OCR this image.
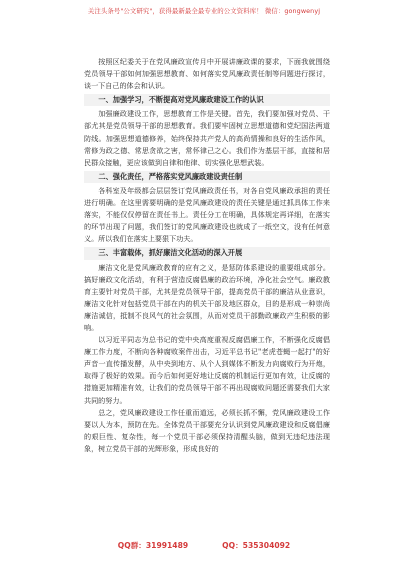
关注头条号"公文研究"，获得最新最全最专业的公文资料库！ 微信：gongwenyj

按照区纪委关于在党风廉政宣传月中开展讲廉政课的要求，下面我就围绕党员领导干部如何加强思想教育、如何落实党风廉政责任制等问题进行探讨，谈一下自己的体会和认识。

一、加强学习，不断提高对党风廉政建设工作的认识

加强廉政建设工作，思想教育工作是关键。首先，我们要加强对党员、干部尤其是党员领导干部的思想教育。我们要牢固树立思想道德和党纪国法两道防线。加强思想道德修养，始终保持共产党人的高尚情操和良好的生活作风，常修为政之德、常思贪欲之害，常怀律己之心。我们作为基层干部，直接和居民群众接触，更应该做到自律和他律、切实强化思想武装。

二、强化责任，严格落实党风廉政建设责任制

各科室及年级都会层层签订党风廉政责任书，对各自党风廉政承担的责任进行明确。在这里需要明确的是党风廉政建设的责任关键是通过抓具体工作来落实，不能仅仅停留在责任书上。责任分工在明确，具体规定再详细，在落实的环节出现了问题，我们签订的党风廉政建设也就成了一纸空文，没有任何意义。所以我们在落实上要狠下功夫。

三、丰富载体，抓好廉洁文化活动的深入开展

廉洁文化是党风廉政教育的应有之义，是惩防体系建设的重要组成部分。搞好廉政文化活动，有利于营造反腐倡廉的政治环境，净化社会空气。廉政教育主要针对党员干部，尤其是党员领导干部，提高党员干部的廉洁从业意识，廉洁文化针对包括党员干部在内的机关干部及地区群众，目的是形成一种崇尚廉洁诚信，抵制不良风气的社会氛围，从而对党员干部勤政廉政产生积极的影响。

以习近平同志为总书记的党中央高度重视反腐倡廉工作，不断强化反腐倡廉工作力度，不断向各种腐败案件出击，习近平总书记"老虎苍蝇一起打"的好声音一直传播发酵，从中央到地方、从个人到媒体不断发力向腐败行为开炮，取得了极好的效果。而今后如何更好地让反腐的机制运行更加有效，让反腐的措施更加精准有效，让我们的党员领导干部不再出现腐败问题还需要我们大家共同的努力。

总之，党风廉政建设工作任重而道远，必须长抓不懈，党风廉政建设工作要以人为本，预防在先。全体党员干部要充分认识到党风廉政建设和反腐倡廉的艰巨性、复杂性，每一个党员干部必须保持清醒头脑，做到无违纪违法现象，树立党员干部的光辉形象，形成良好的

QQ群：31991489	QQ：535304092
